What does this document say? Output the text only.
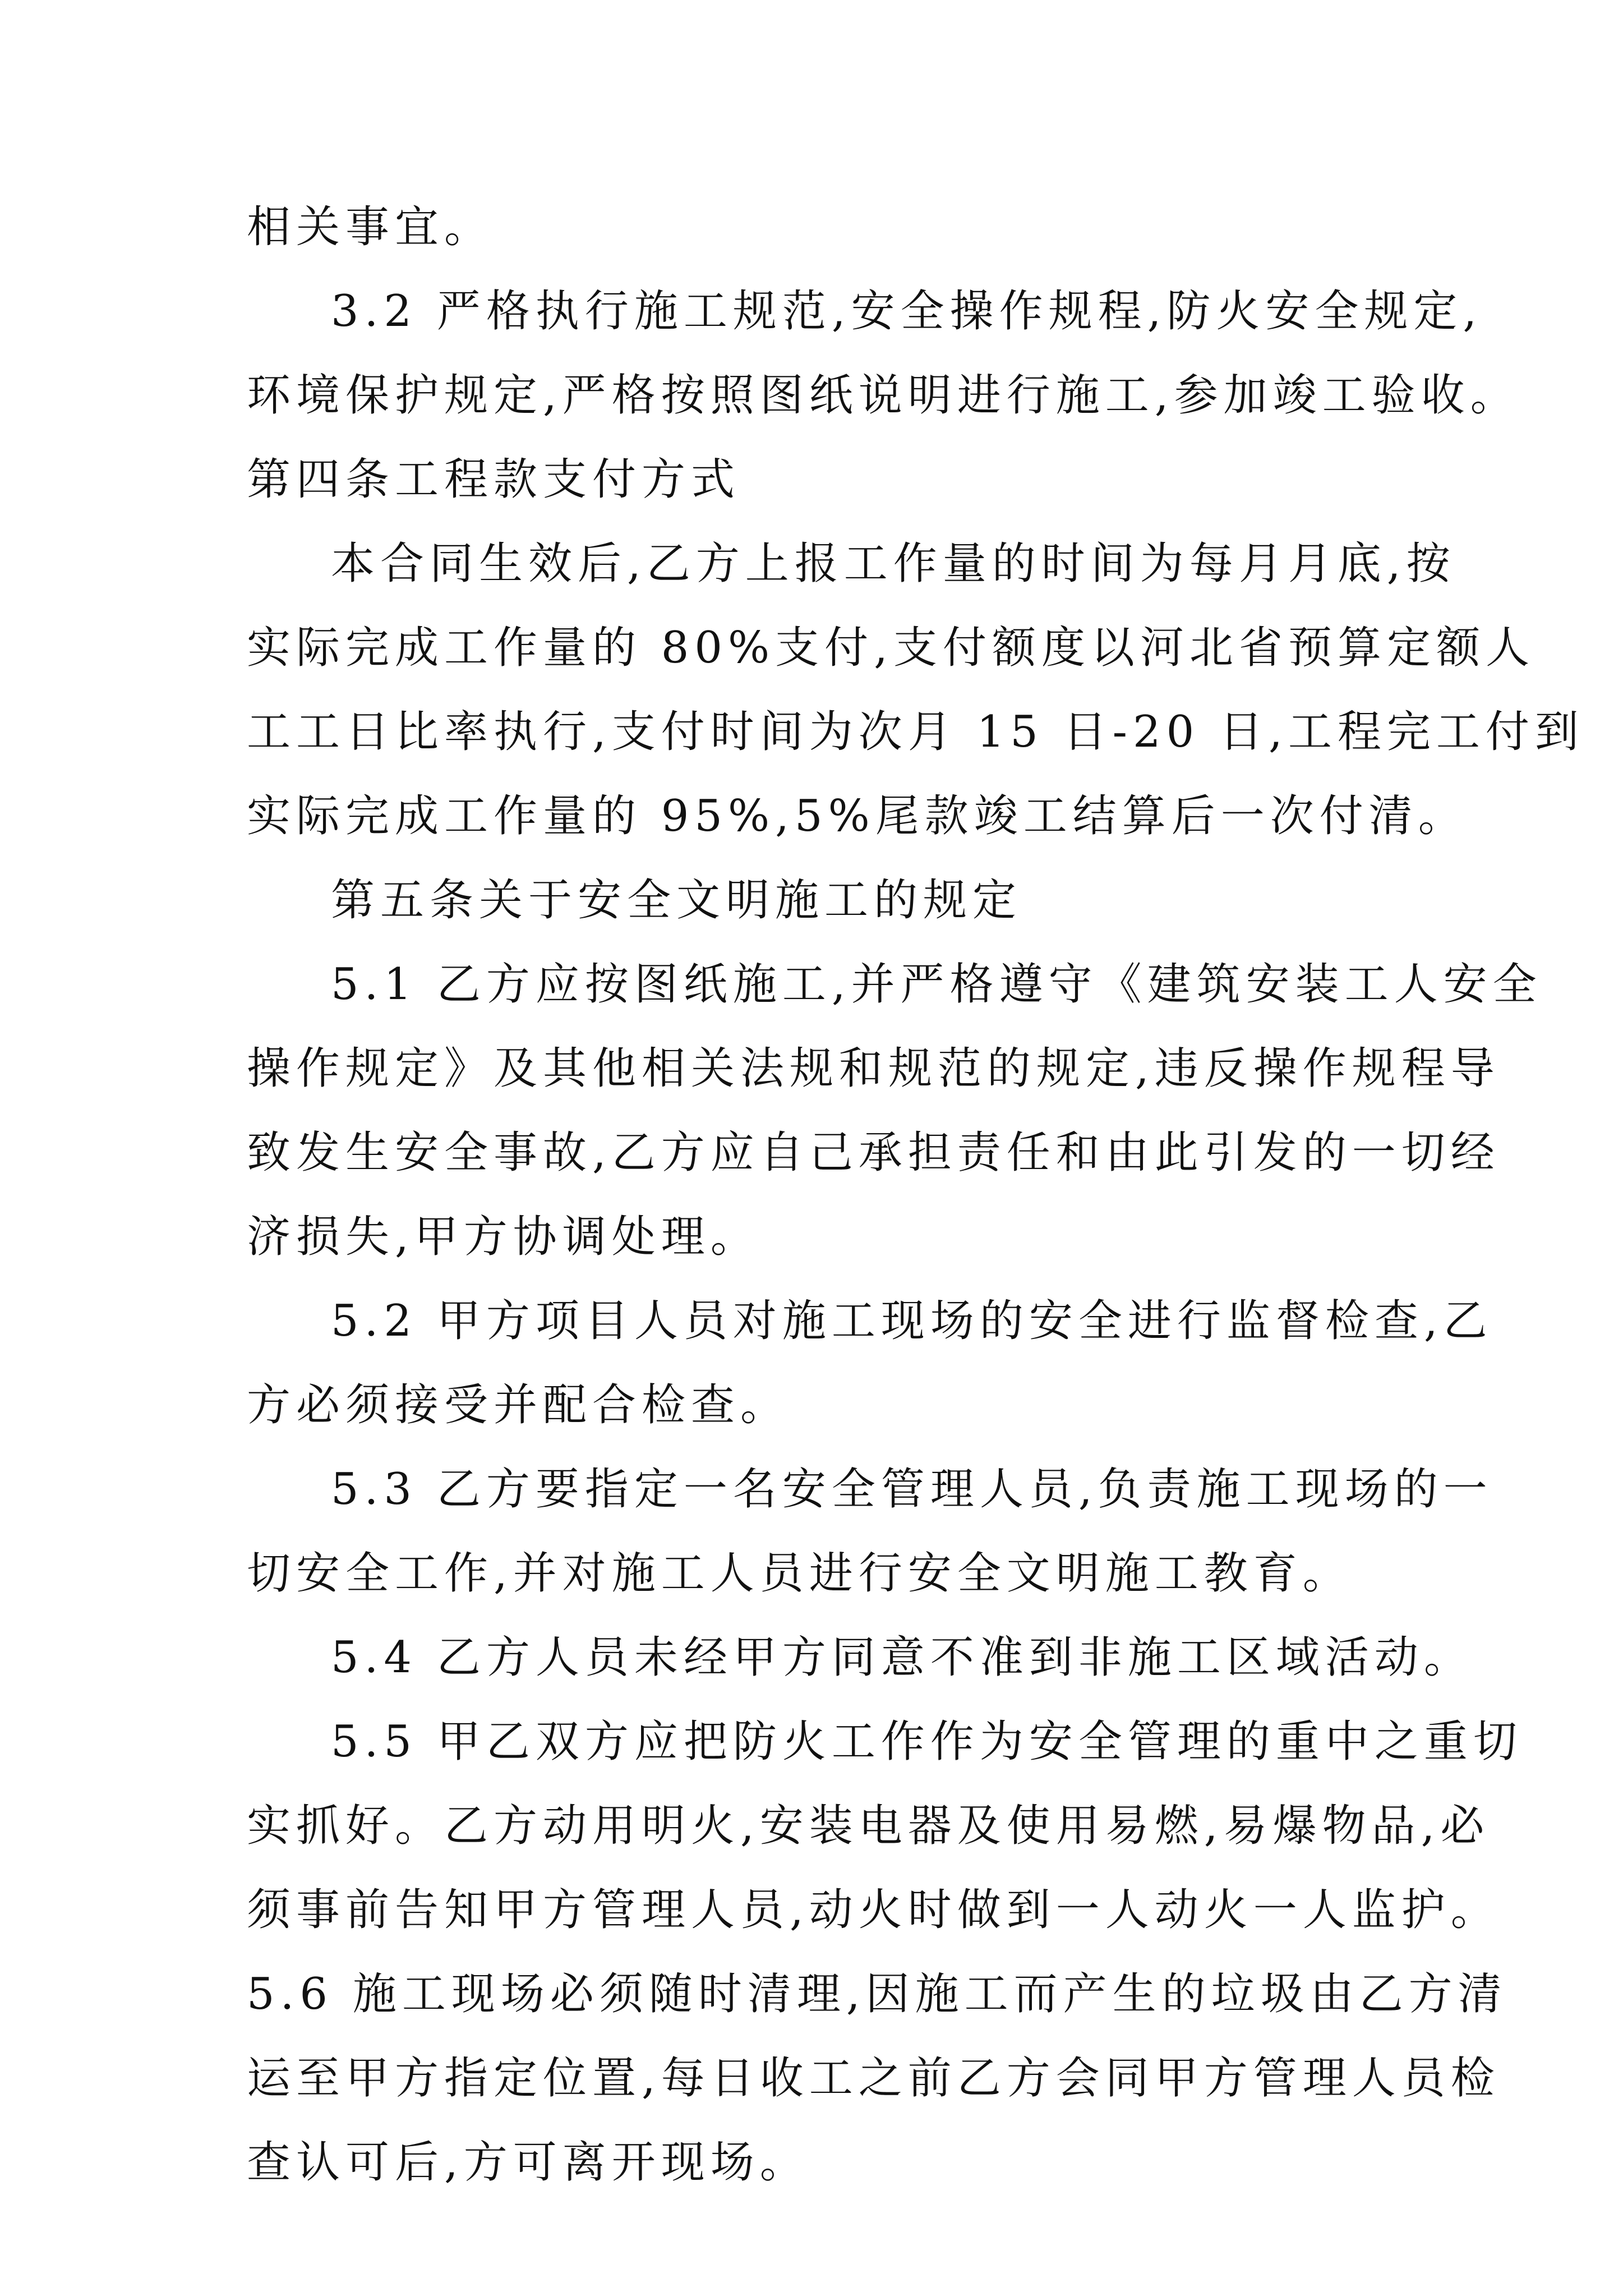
相关事宜。
3.2 严格执行施工规范,安全操作规程,防火安全规定,
环境保护规定,严格按照图纸说明进行施工,参加竣工验收。
第四条工程款支付方式
本合同生效后,乙方上报工作量的时间为每月月底,按
实际完成工作量的 80%支付,支付额度以河北省预算定额人
工工日比率执行,支付时间为次月 15 日-20 日,工程完工付到
实际完成工作量的 95%,5%尾款竣工结算后一次付清。
第五条关于安全文明施工的规定
5.1 乙方应按图纸施工,并严格遵守《建筑安装工人安全
操作规定》及其他相关法规和规范的规定,违反操作规程导
致发生安全事故,乙方应自己承担责任和由此引发的一切经
济损失,甲方协调处理。
5.2 甲方项目人员对施工现场的安全进行监督检查,乙
方必须接受并配合检查。
5.3 乙方要指定一名安全管理人员,负责施工现场的一
切安全工作,并对施工人员进行安全文明施工教育。
5.4 乙方人员未经甲方同意不准到非施工区域活动。
5.5 甲乙双方应把防火工作作为安全管理的重中之重切
实抓好。乙方动用明火,安装电器及使用易燃,易爆物品,必
须事前告知甲方管理人员,动火时做到一人动火一人监护。
5.6 施工现场必须随时清理,因施工而产生的垃圾由乙方清
运至甲方指定位置,每日收工之前乙方会同甲方管理人员检
查认可后,方可离开现场。
